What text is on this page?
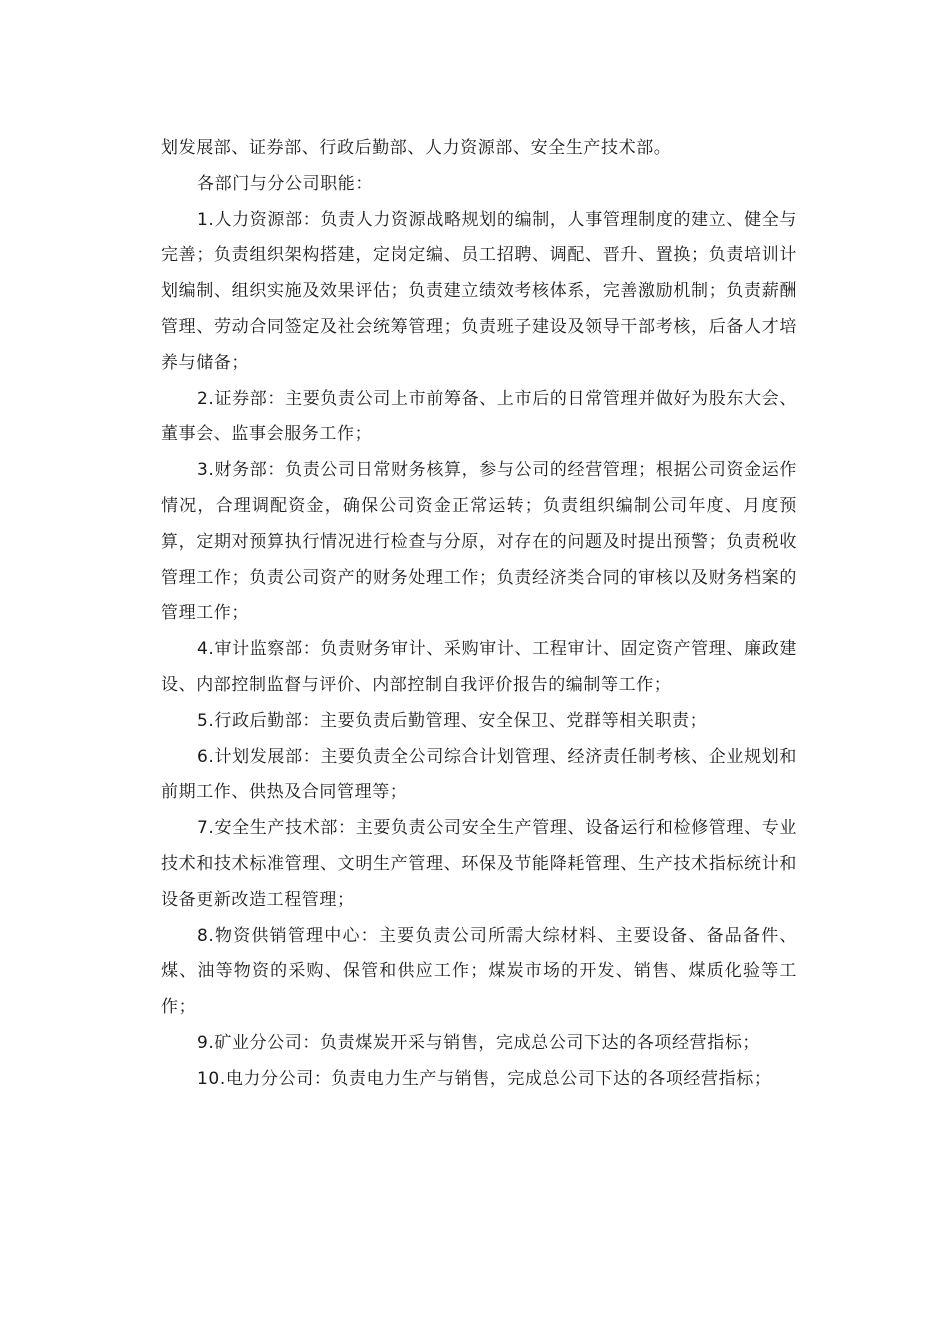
划发展部、证券部、行政后勤部、人力资源部、安全生产技术部。

各部门与分公司职能：

1.人力资源部：负责人力资源战略规划的编制，人事管理制度的建立、健全与完善；负责组织架构搭建，定岗定编、员工招聘、调配、晋升、置换；负责培训计划编制、组织实施及效果评估；负责建立绩效考核体系，完善激励机制；负责薪酬管理、劳动合同签定及社会统筹管理；负责班子建设及领导干部考核，后备人才培养与储备；

2.证券部：主要负责公司上市前筹备、上市后的日常管理并做好为股东大会、董事会、监事会服务工作；

3.财务部：负责公司日常财务核算，参与公司的经营管理；根据公司资金运作情况，合理调配资金，确保公司资金正常运转；负责组织编制公司年度、月度预算，定期对预算执行情况进行检查与分原，对存在的问题及时提出预警；负责税收管理工作；负责公司资产的财务处理工作；负责经济类合同的审核以及财务档案的管理工作；

4.审计监察部：负责财务审计、采购审计、工程审计、固定资产管理、廉政建设、内部控制监督与评价、内部控制自我评价报告的编制等工作；

5.行政后勤部：主要负责后勤管理、安全保卫、党群等相关职责；

6.计划发展部：主要负责全公司综合计划管理、经济责任制考核、企业规划和前期工作、供热及合同管理等；

7.安全生产技术部：主要负责公司安全生产管理、设备运行和检修管理、专业技术和技术标准管理、文明生产管理、环保及节能降耗管理、生产技术指标统计和设备更新改造工程管理；

8.物资供销管理中心：主要负责公司所需大综材料、主要设备、备品备件、煤、油等物资的采购、保管和供应工作；煤炭市场的开发、销售、煤质化验等工作；

9.矿业分公司：负责煤炭开采与销售，完成总公司下达的各项经营指标；

10.电力分公司：负责电力生产与销售，完成总公司下达的各项经营指标；
